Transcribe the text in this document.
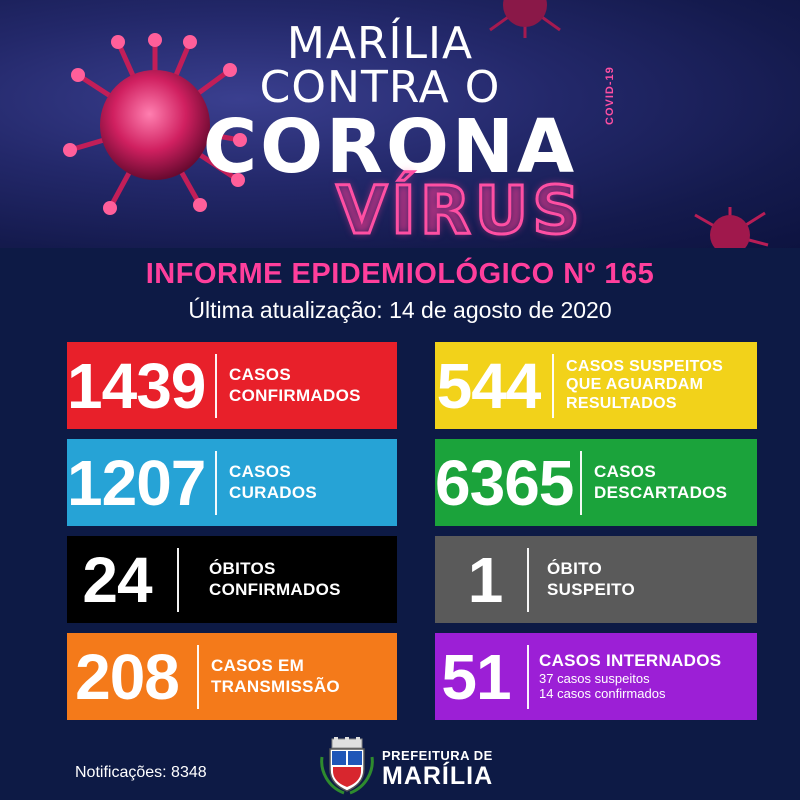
MARÍLIA
CONTRA O
CORONA
VÍRUS
COVID-19
INFORME EPIDEMIOLÓGICO Nº 165
Última atualização: 14 de agosto de 2020
1439	CASOS
CONFIRMADOS 544	CASOS SUSPEITOS
QUE AGUARDAM
RESULTADOS
1207	CASOS
CURADOS 6365	CASOS
DESCARTADOS
24	ÓBITOS
CONFIRMADOS	1	ÓBITO
SUSPEITO
208	CASOS EM
TRANSMISSÃO 51	CASOS INTERNADOS
37 casos suspeitos
14 casos confirmados
Notificações: 8348
PREFEITURA DE
MARÍLIA
